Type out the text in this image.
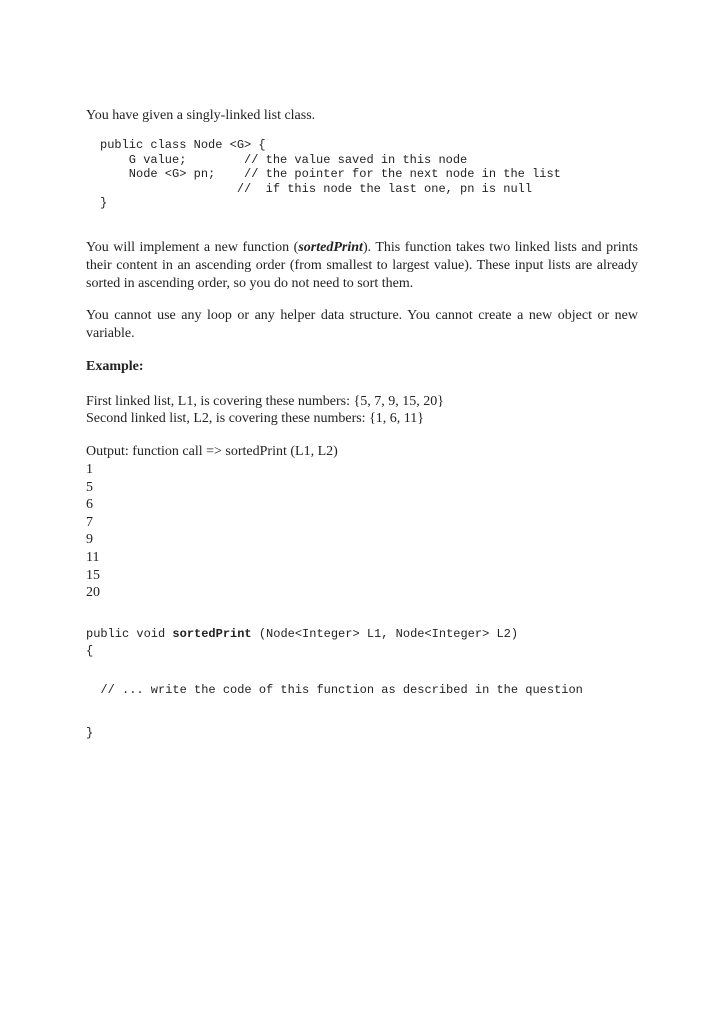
You have given a singly-linked list class.

public class Node <G> {
G value;        // the value saved in this node
Node <G> pn;    // the pointer for the next node in the list
//  if this node the last one, pn is null
}

You will implement a new function (sortedPrint). This function takes two linked lists and prints their content in an ascending order (from smallest to largest value). These input lists are already sorted in ascending order, so you do not need to sort them.

You cannot use any loop or any helper data structure. You cannot create a new object or new variable.

Example:

First linked list, L1, is covering these numbers: {5, 7, 9, 15, 20}

Second linked list, L2, is covering these numbers: {1, 6, 11}

Output: function call => sortedPrint (L1, L2)

1
5
6
7
9
11
15
20
public void sortedPrint (Node<Integer> L1, Node<Integer> L2)
{
// ... write the code of this function as described in the question
}
